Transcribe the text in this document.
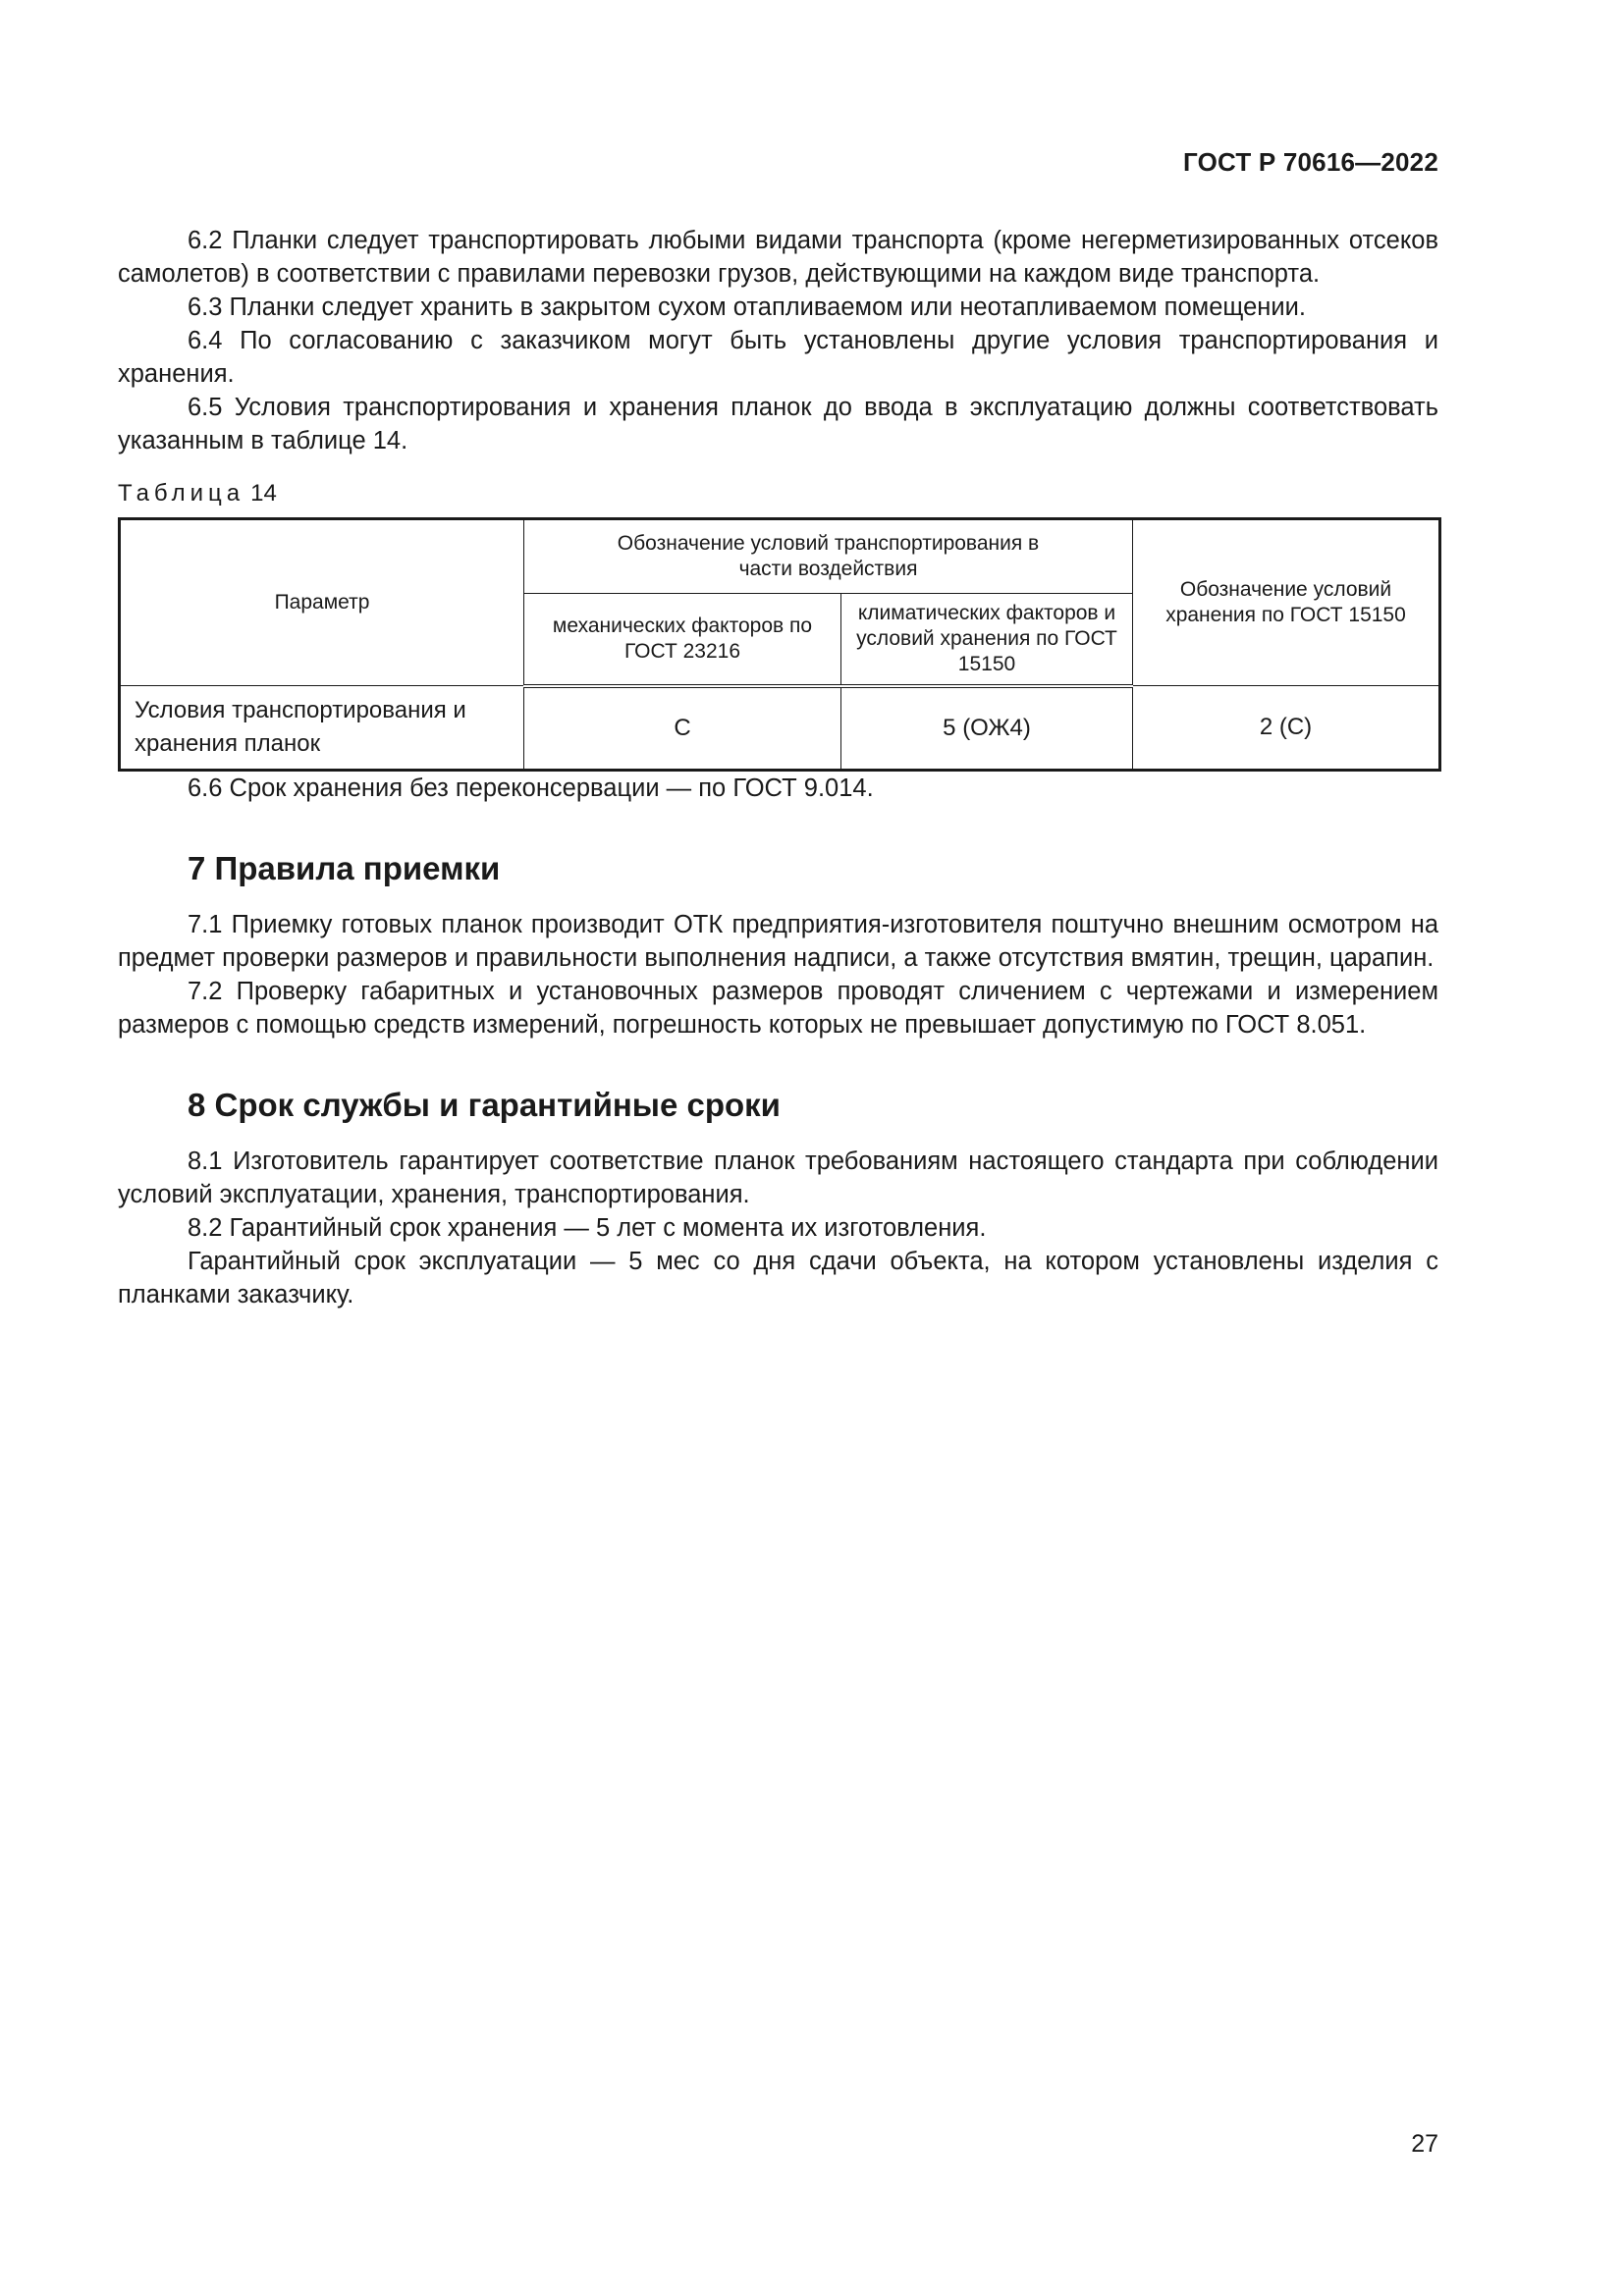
ГОСТ Р 70616—2022

6.2 Планки следует транспортировать любыми видами транспорта (кроме негерметизированных отсеков самолетов) в соответствии с правилами перевозки грузов, действующими на каждом виде транспорта.

6.3 Планки следует хранить в закрытом сухом отапливаемом или неотапливаемом помещении.

6.4 По согласованию с заказчиком могут быть установлены другие условия транспортирования и хранения.

6.5 Условия транспортирования и хранения планок до ввода в эксплуатацию должны соответствовать указанным в таблице 14.

Таблица 14
Параметр	Обозначение условий транспортирования в части воздействия		Обозначение условий хранения по ГОСТ 15150
	механических факторов по ГОСТ 23216	климатических факторов и условий хранения по ГОСТ 15150	
Условия транспортирования и хранения планок	С	5 (ОЖ4)	2 (С)

6.6 Срок хранения без переконсервации — по ГОСТ 9.014.

7 Правила приемки

7.1 Приемку готовых планок производит ОТК предприятия-изготовителя поштучно внешним осмотром на предмет проверки размеров и правильности выполнения надписи, а также отсутствия вмятин, трещин, царапин.

7.2 Проверку габаритных и установочных размеров проводят сличением с чертежами и измерением размеров с помощью средств измерений, погрешность которых не превышает допустимую по ГОСТ 8.051.

8 Срок службы и гарантийные сроки

8.1 Изготовитель гарантирует соответствие планок требованиям настоящего стандарта при соблюдении условий эксплуатации, хранения, транспортирования.

8.2 Гарантийный срок хранения — 5 лет с момента их изготовления.

Гарантийный срок эксплуатации — 5 мес со дня сдачи объекта, на котором установлены изделия с планками заказчику.

27
